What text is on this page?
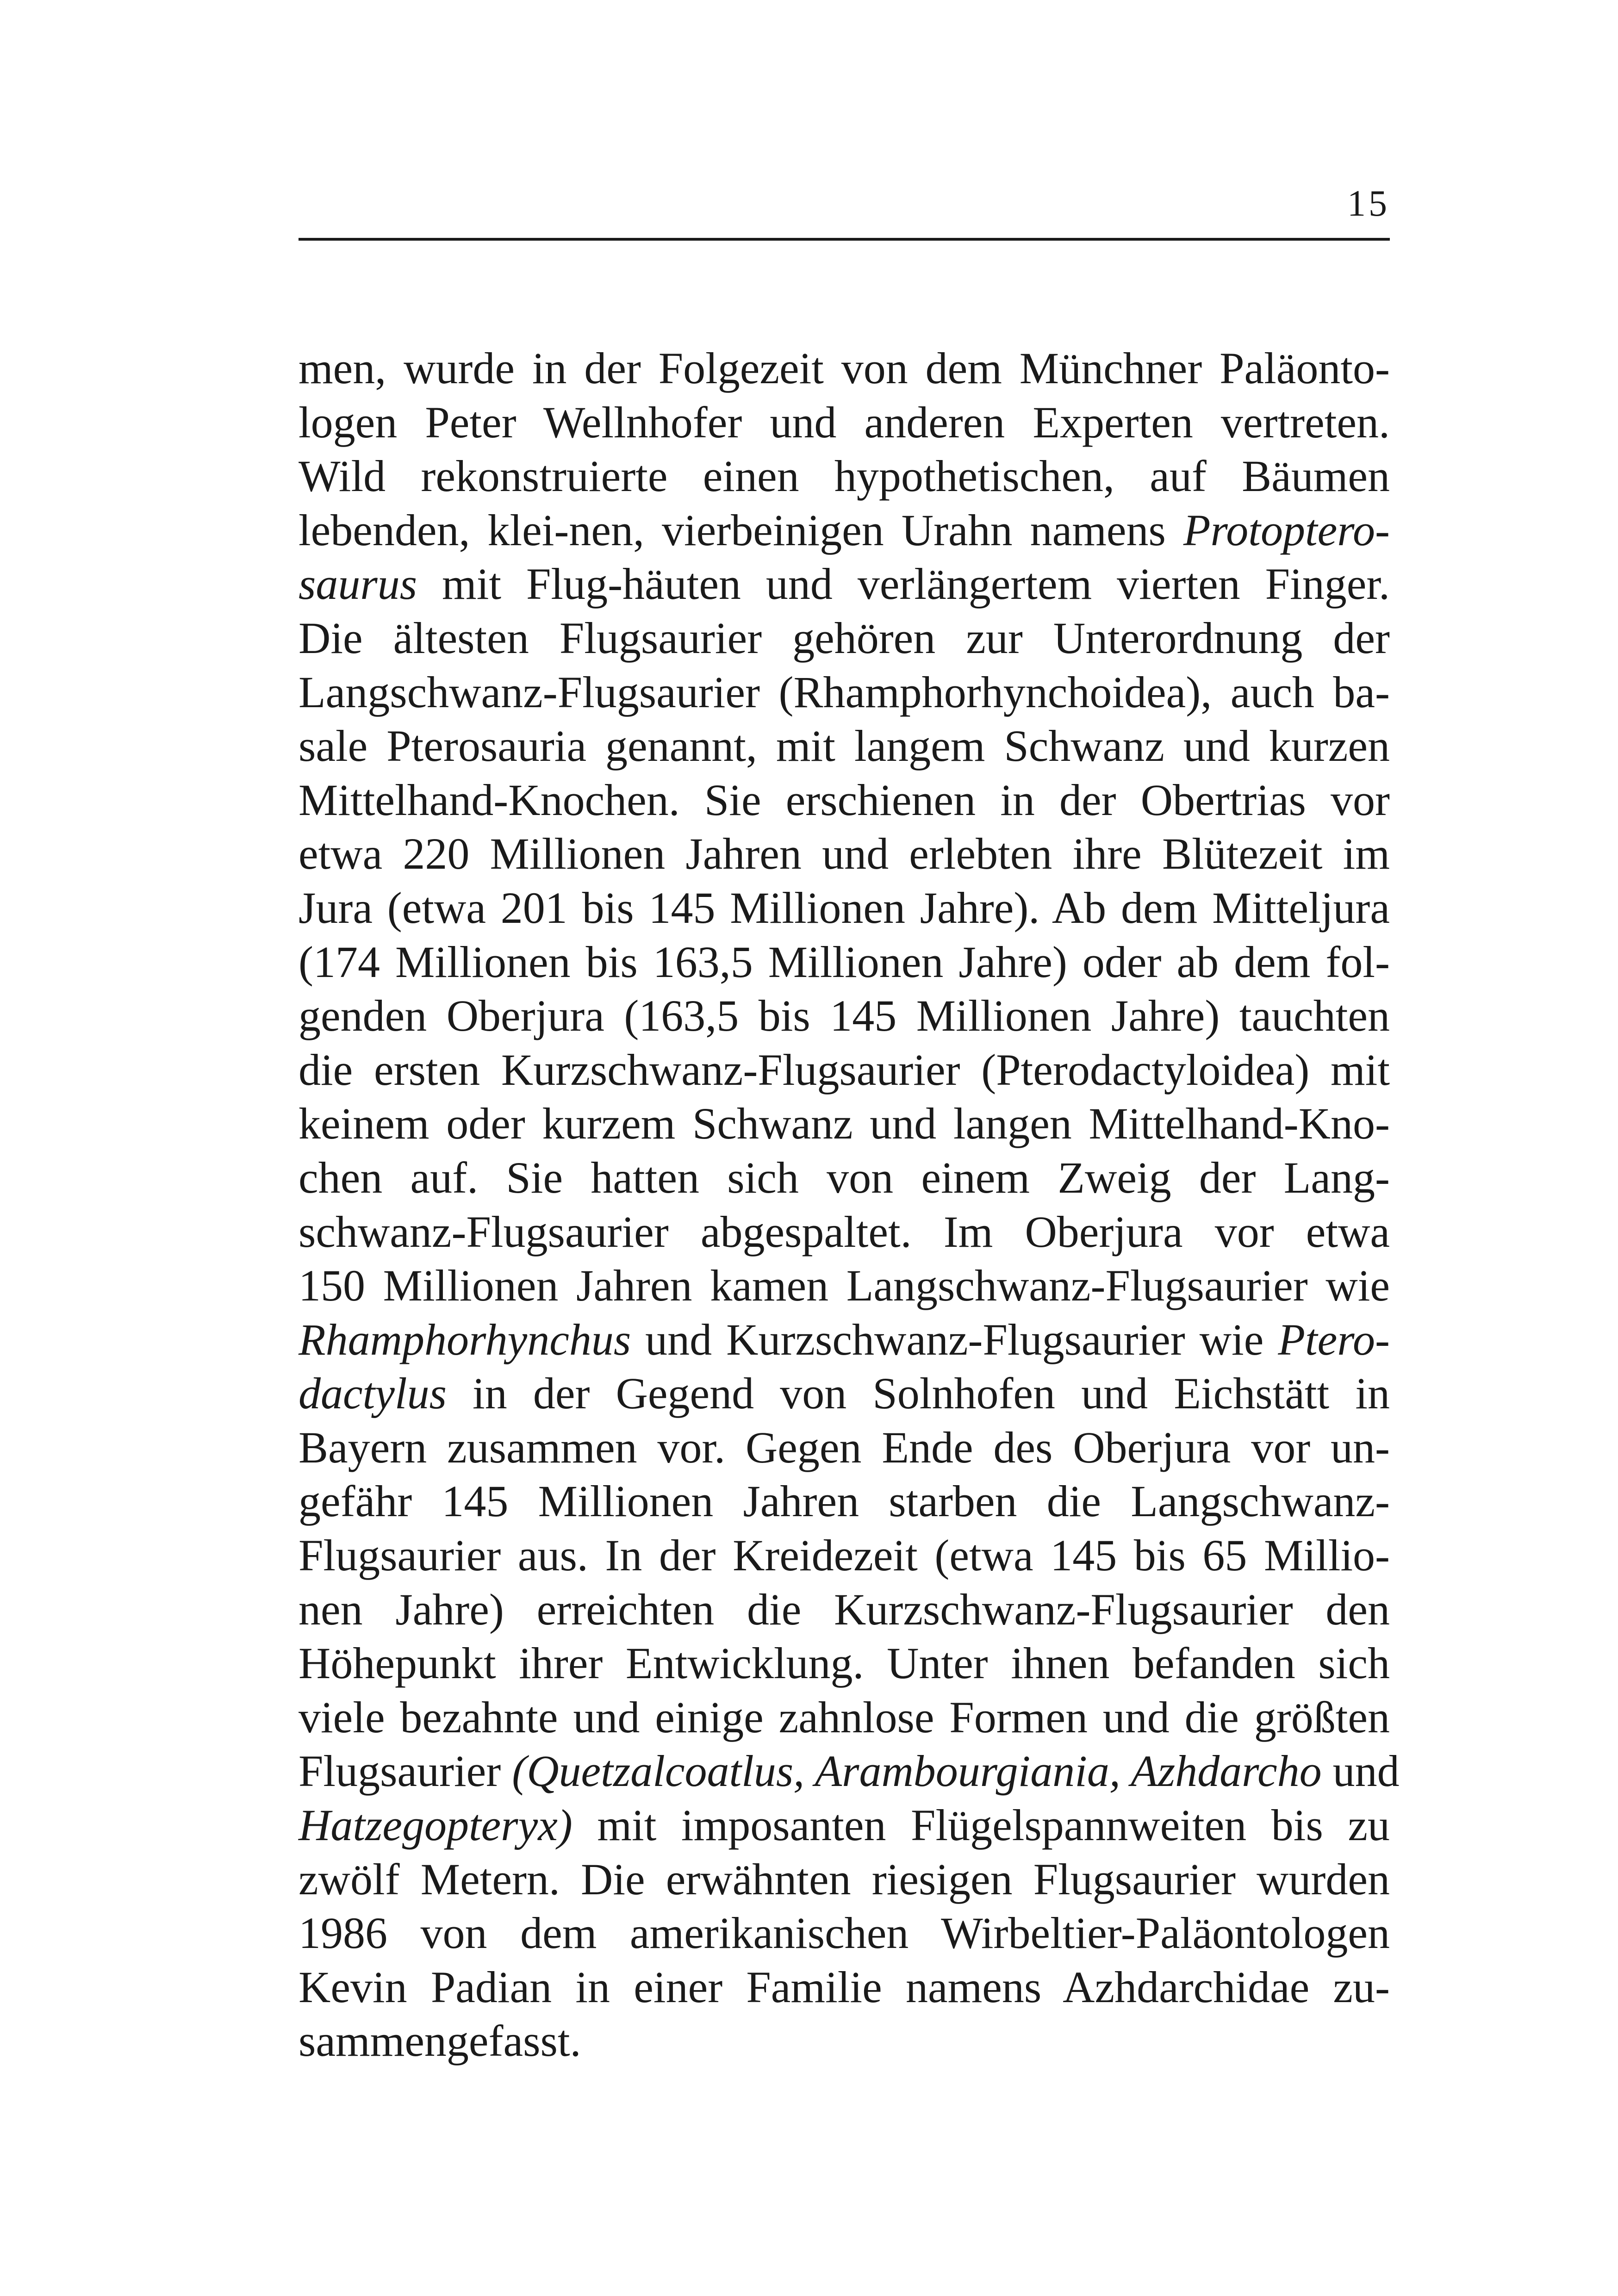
15
men, wurde in der Folgezeit von dem Münchner Paläonto-
logen Peter Wellnhofer und anderen Experten vertreten.
Wild rekonstruierte einen hypothetischen, auf Bäumen
lebenden, klei-nen, vierbeinigen Urahn namens Protoptero-
saurus mit Flug-häuten und verlängertem vierten Finger.
Die ältesten Flugsaurier gehören zur Unterordnung der
Langschwanz-Flugsaurier (Rhamphorhynchoidea), auch ba-
sale Pterosauria genannt, mit langem Schwanz und kurzen
Mittelhand-Knochen. Sie erschienen in der Obertrias vor
etwa 220 Millionen Jahren und erlebten ihre Blütezeit im
Jura (etwa 201 bis 145 Millionen Jahre). Ab dem Mitteljura
(174 Millionen bis 163,5 Millionen Jahre) oder ab dem fol-
genden Oberjura (163,5 bis 145 Millionen Jahre) tauchten
die ersten Kurzschwanz-Flugsaurier (Pterodactyloidea) mit
keinem oder kurzem Schwanz und langen Mittelhand-Kno-
chen auf. Sie hatten sich von einem Zweig der Lang-
schwanz-Flugsaurier abgespaltet. Im Oberjura vor etwa
150 Millionen Jahren kamen Langschwanz-Flugsaurier wie
Rhamphorhynchus und Kurzschwanz-Flugsaurier wie Ptero-
dactylus in der Gegend von Solnhofen und Eichstätt in
Bayern zusammen vor. Gegen Ende des Oberjura vor un-
gefähr 145 Millionen Jahren starben die Langschwanz-
Flugsaurier aus. In der Kreidezeit (etwa 145 bis 65 Millio-
nen Jahre) erreichten die Kurzschwanz-Flugsaurier den
Höhepunkt ihrer Entwicklung. Unter ihnen befanden sich
viele bezahnte und einige zahnlose Formen und die größten
Flugsaurier (Quetzalcoatlus, Arambourgiania, Azhdarcho und
Hatzegopteryx) mit imposanten Flügelspannweiten bis zu
zwölf Metern. Die erwähnten riesigen Flugsaurier wurden
1986 von dem amerikanischen Wirbeltier-Paläontologen
Kevin Padian in einer Familie namens Azhdarchidae zu-
sammengefasst.
